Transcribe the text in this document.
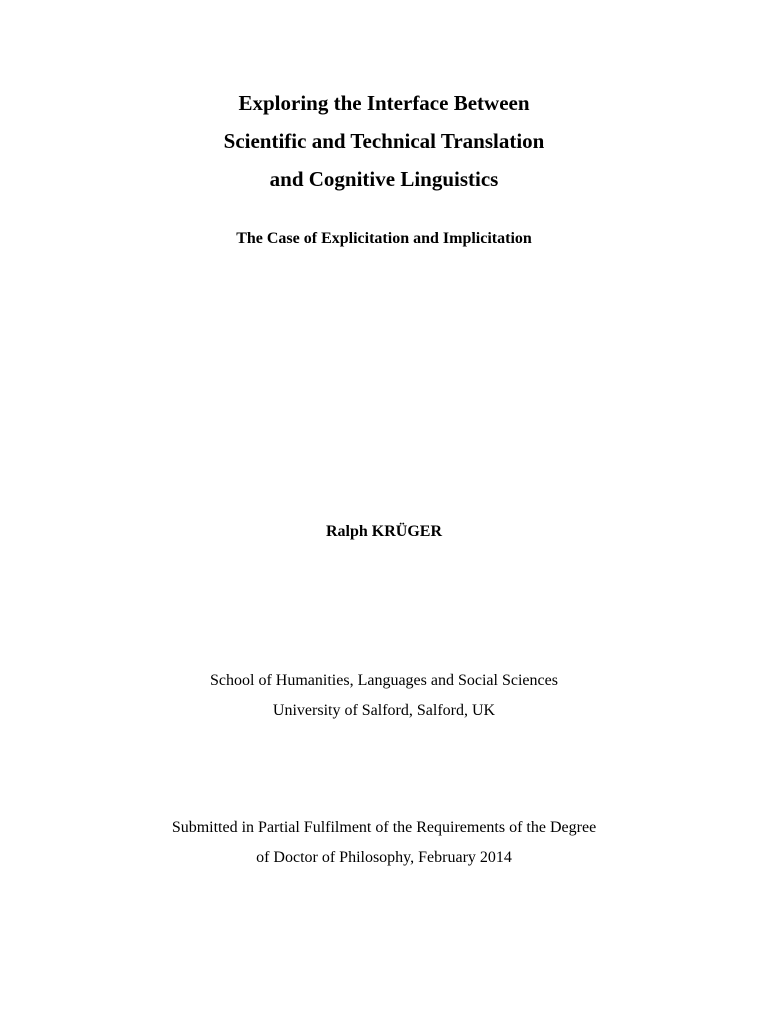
Exploring the Interface Between
Scientific and Technical Translation
and Cognitive Linguistics
The Case of Explicitation and Implicitation
Ralph KRÜGER
School of Humanities, Languages and Social Sciences
University of Salford, Salford, UK
Submitted in Partial Fulfilment of the Requirements of the Degree
of Doctor of Philosophy, February 2014
